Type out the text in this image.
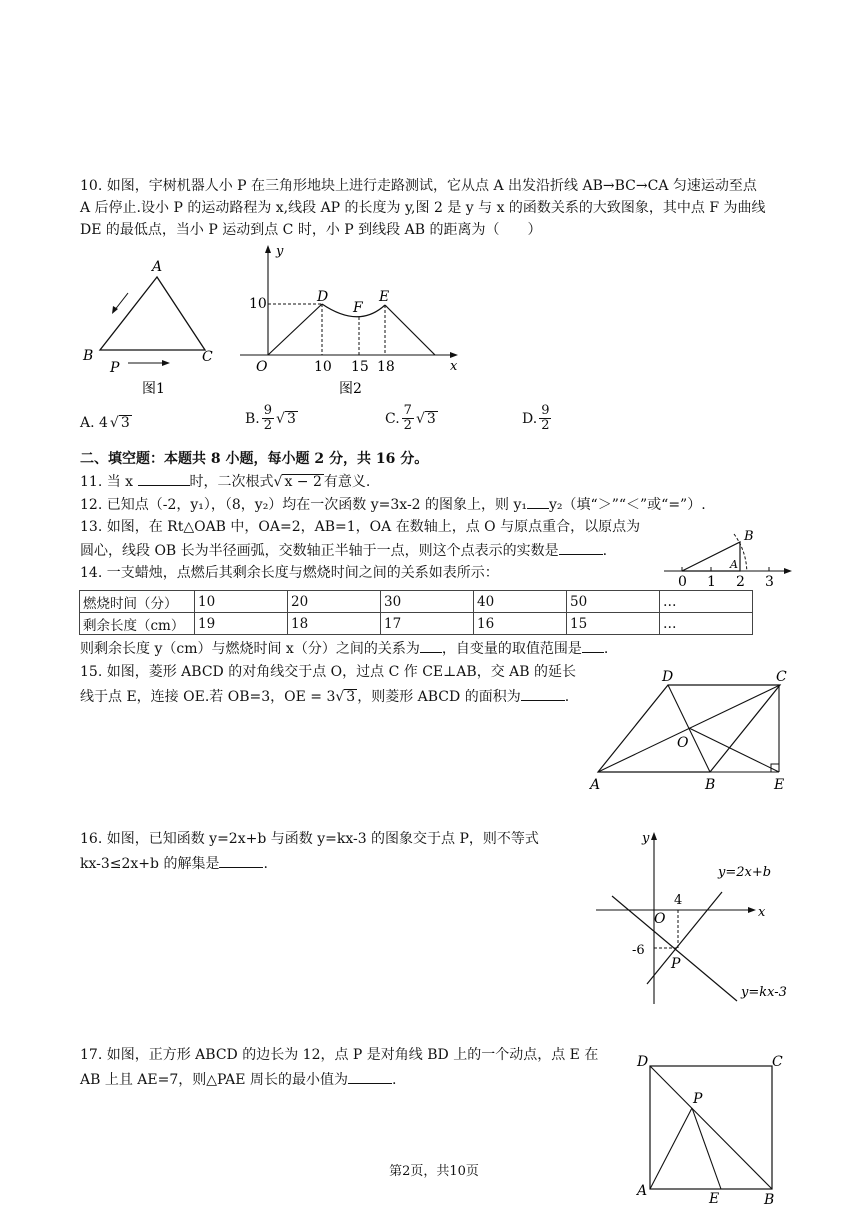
10. 如图，宇树机器人小 P 在三角形地块上进行走路测试，它从点 A 出发沿折线 AB→BC→CA 匀速运动至点
A 后停止.设小 P 的运动路程为 x,线段 AP 的长度为 y,图 2 是 y 与 x 的函数关系的大致图象，其中点 F 为曲线
DE 的最低点，当小 P 运动到点 C 时，小 P 到线段 AB 的距离为（　　）
A
B	C
P
图1
y
x
O
10
10 15 18
D
F
E
图2
A. 4 √ 3	B. $\frac{9}{2}$ √ 3	C. $\frac{7}{2}$ √ 3	D. $\frac{9}{2}$
二、填空题：本题共 8 小题，每小题 2 分，共 16 分。
11. 当 x	时，二次根式√ x − 2 有意义.
12. 已知点（-2，y₁），（8，y₂）均在一次函数 y=3x-2 的图象上，则 y₁ y₂（填“＞”“＜”或“=”）.
13. 如图，在 Rt△OAB 中，OA=2，AB=1，OA 在数轴上，点 O 与原点重合，以原点为
圆心，线段 OB 长为半径画弧，交数轴正半轴于一点，则这个点表示的实数是	.
B
A
0 1 2 3
14. 一支蜡烛，点燃后其剩余长度与燃烧时间之间的关系如表所示：
燃烧时间（分）	10	20	30	40	50	…
剩余长度（cm）	19	18	17	16	15	…
则剩余长度 y（cm）与燃烧时间 x（分）之间的关系为 ，自变量的取值范围是 .
15. 如图，菱形 ABCD 的对角线交于点 O，过点 C 作 CE⊥AB，交 AB 的延长
线于点 E，连接 OE.若 OB=3，OE = 3√ 3 ，则菱形 ABCD 的面积为	.
A	B
C
D
E
O
16. 如图，已知函数 y=2x+b 与函数 y=kx-3 的图象交于点 P，则不等式
kx-3≤2x+b 的解集是	.
y
x
O
4
-6
P
y=2x+b
y=kx-3
17. 如图，正方形 ABCD 的边长为 12，点 P 是对角线 BD 上的一个动点，点 E 在
AB 上且 AE=7，则△PAE 周长的最小值为	.
D	C
A
B
E
P
第2页，共10页
